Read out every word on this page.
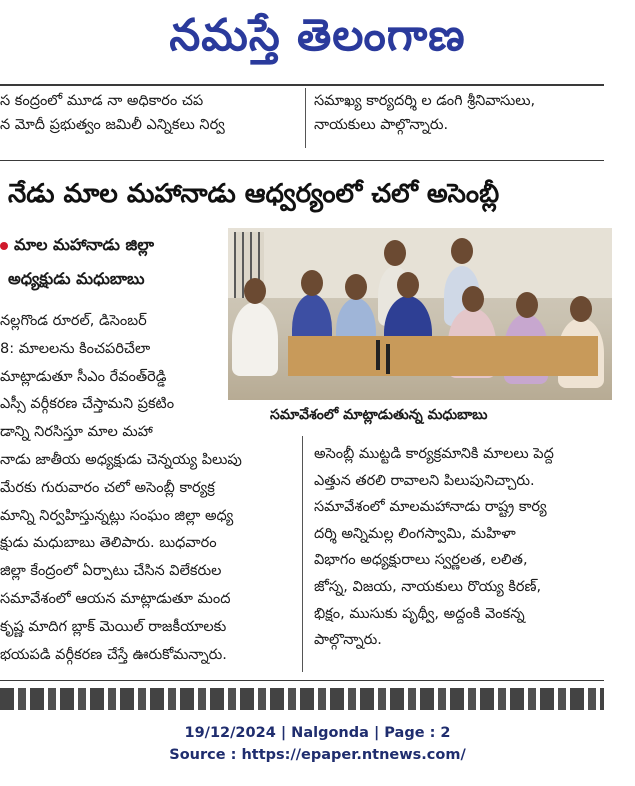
నమస్తే తెలంగాణ
స కంద్రంలో మూడ నా అధికారం చప
న మోదీ ప్రభుత్వం జమిలీ ఎన్నికలు నిర్వ
సమాఖ్య కార్యదర్శి ల డంగి శ్రీనివాసులు,
నాయకులు పాల్గొన్నారు.
నేడు మాల మహానాడు ఆధ్వర్యంలో చలో అసెంబ్లీ
మాల మహానాడు జిల్లా
అధ్యక్షుడు మధుబాబు
సమావేశంలో మాట్లాడుతున్న మధుబాబు
నల్లగొండ రూరల్, డిసెంబర్
8: మాలలను కించపరిచేలా
మాట్లాడుతూ సీఎం రేవంత్‌రెడ్డి
ఎస్సీ వర్గీకరణ చేస్తామని ప్రకటిం
డాన్ని నిరసిస్తూ మాల మహా
నాడు జాతీయ అధ్యక్షుడు చెన్నయ్య పిలుపు
మేరకు గురువారం చలో అసెంబ్లీ కార్యక్ర
మాన్ని నిర్వహిస్తున్నట్లు సంఘం జిల్లా అధ్య
క్షుడు మధుబాబు తెలిపారు. బుధవారం
జిల్లా కేంద్రంలో ఏర్పాటు చేసిన విలేకరుల
సమావేశంలో ఆయన మాట్లాడుతూ మంద
కృష్ణ మాదిగ బ్లాక్ మెయిల్ రాజకీయాలకు
భయపడి వర్గీకరణ చేస్తే ఊరుకోమన్నారు.
అసెంబ్లీ ముట్టడి కార్యక్రమానికి మాలలు పెద్ద
ఎత్తున తరలి రావాలని పిలుపునిచ్చారు.
సమావేశంలో మాలమహానాడు రాష్ట్ర కార్య
దర్శి అన్నిమల్ల లింగస్వామి, మహిళా
విభాగం అధ్యక్షురాలు స్వర్ణలత, లలిత,
జోస్న, విజయ, నాయకులు రొయ్య కిరణ్,
భిక్షం, ముసుకు పృథ్వీ, అద్దంకి వెంకన్న
పాల్గొన్నారు.
19/12/2024 | Nalgonda | Page : 2
Source : https://epaper.ntnews.com/
